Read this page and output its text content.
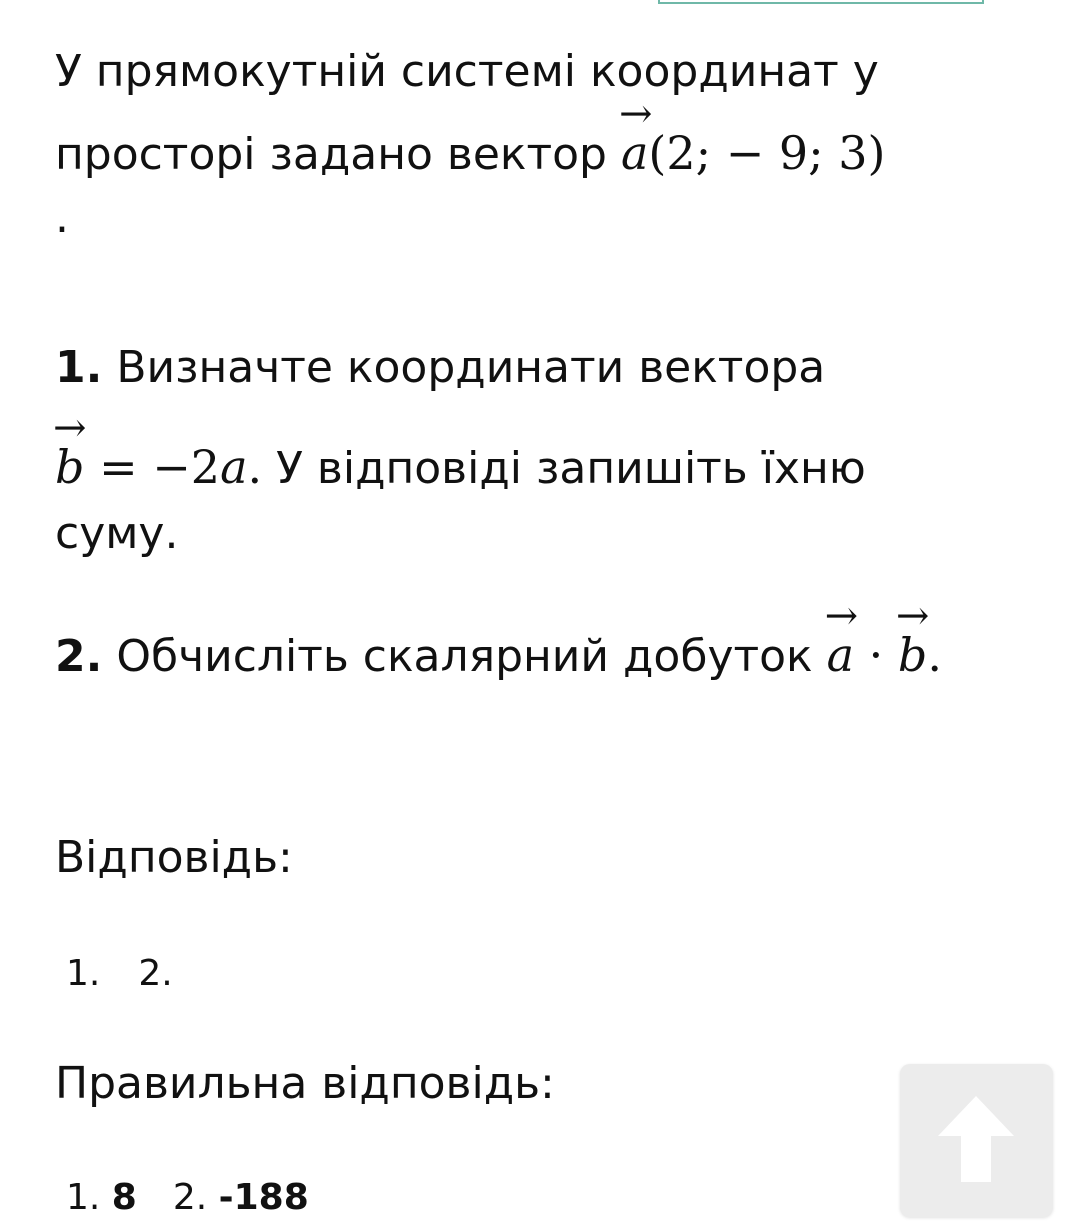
У прямокутній системі координат у
просторі задано вектор
→
a(2; − 9; 3)
.
1. Визначте координати вектора
→
b = −2a. У відповіді запишіть їхню
суму.
2. Обчисліть скалярний добуток
→
a ·
→
b.
Відповідь:
1. 2.
Правильна відповідь:
1. 8 2. -188
